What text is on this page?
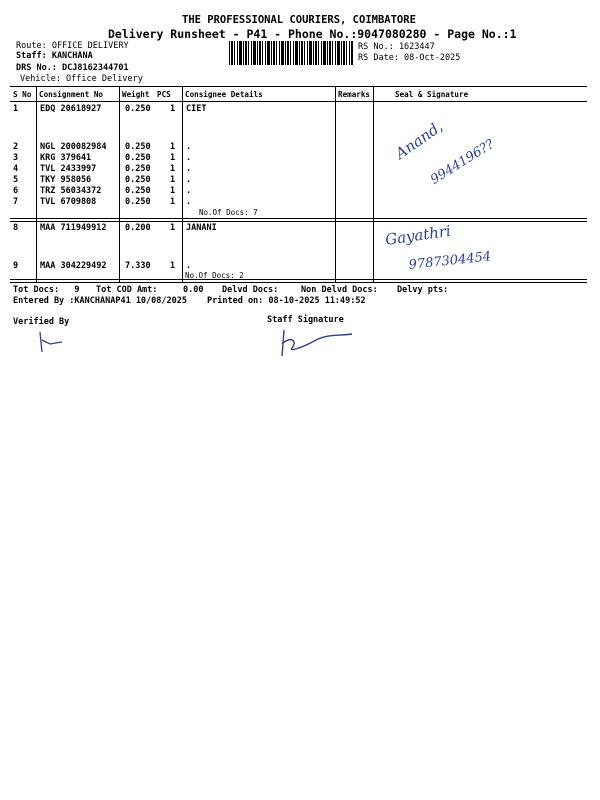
THE PROFESSIONAL COURIERS, COIMBATORE
Delivery Runsheet - P41 - Phone No.:9047080280 - Page No.:1
Route: OFFICE DELIVERY
Staff: KANCHANA
DRS No.: DCJ8162344701
Vehicle: Office Delivery
RS No.: 1623447
RS Date: 08-Oct-2025
S No Consignment No Weight PCS Consignee Details	Remarks	Seal & Signature
1	EDQ 20618927	0.250 1 CIET
2	NGL 200082984 0.250 1 .
3	KRG 379641	0.250 1 .
4	TVL 2433997	0.250 1 .
5	TKY 958056	0.250 1 .
6	TRZ 56034372	0.250 1 .
7	TVL 6709808	0.250 1 .
No.Of Docs: 7
8	MAA 711949912 0.200 1 JANANI
9	MAA 304229492 7.330 1 .
No.Of Docs: 2
Anand,
9944196??
Gayathri
9787304454
Tot Docs:   9 Tot COD Amt:     0.00 Delvd Docs:	Non Delvd Docs: Delvy pts:
Entered By :KANCHANAP41 10/08/2025 Printed on: 08-10-2025 11:49:52
Verified By	Staff Signature
